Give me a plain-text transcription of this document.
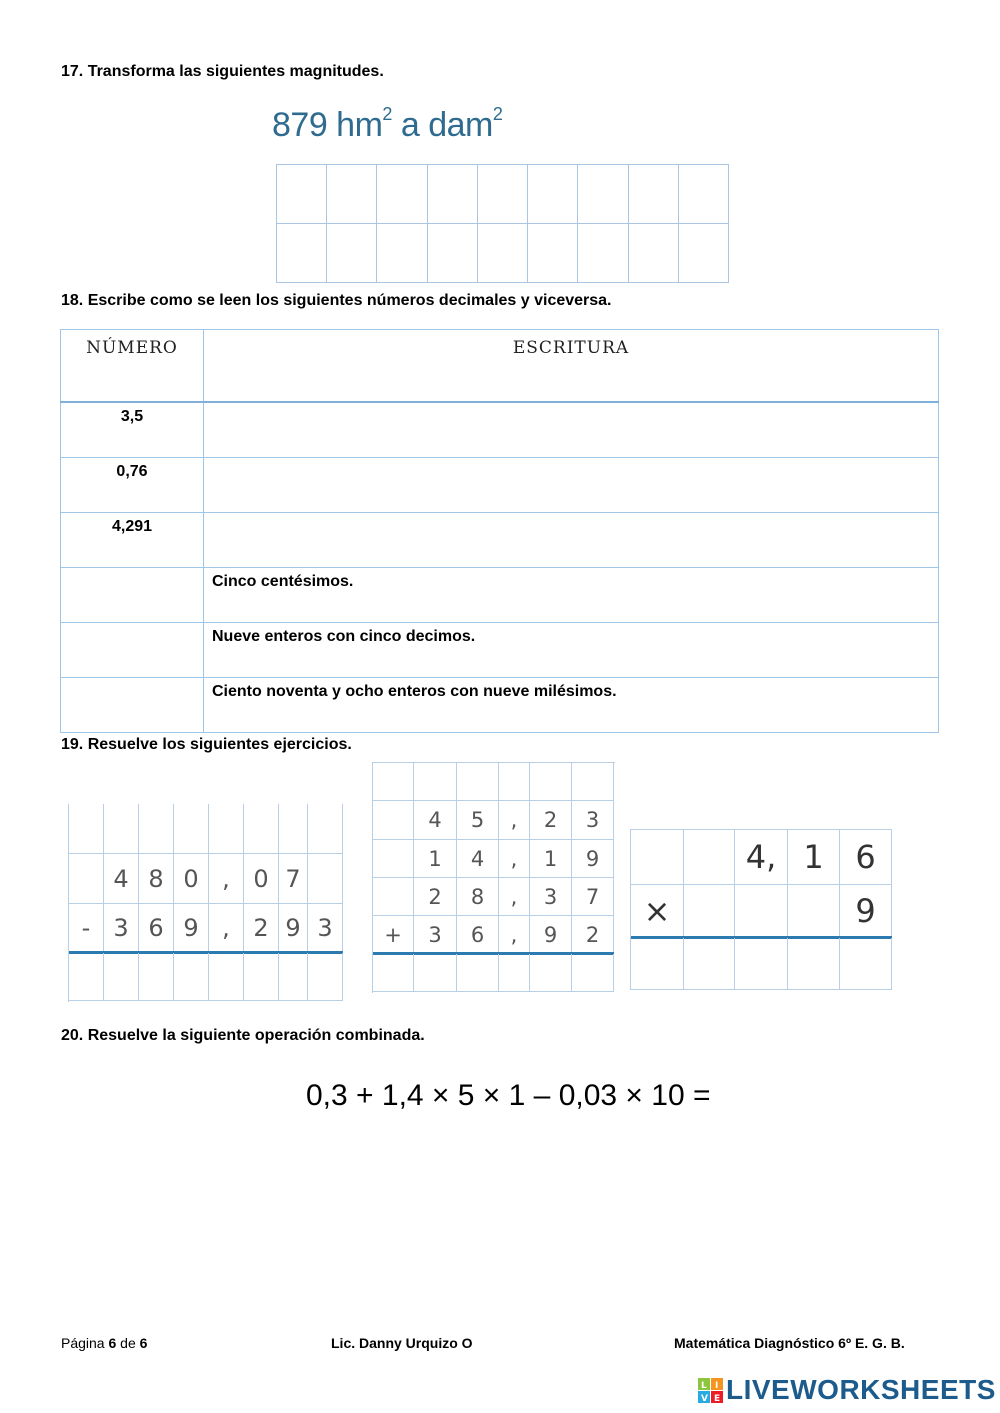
17. Transforma las siguientes magnitudes.
879 $hm^2$ a dam$^2$
18. Escribe como se leen los siguientes números decimales y viceversa.
NÚMERO	ESCRITURA
3,5	
0,76	
4,291	
	Cinco centésimos.
	Nueve enteros con cinco decimos.
	Ciento noventa y ocho enteros con nueve milésimos.
19. Resuelve los siguientes ejercicios.
4 8 0 , 0 7
- 3 6 9 , 2 9 3
4	5	,	2	3
1	4	,	1	9
2	8	,	3	7
+	3	6	,	9	2
4, 1 6
×	9
20. Resuelve la siguiente operación combinada.
0,3 + 1,4 × 5 × 1 – 0,03 × 10 =
Página 6 de 6	Lic. Danny Urquizo O	Matemática Diagnóstico 6º E. G. B.
L I
V E LIVEWORKSHEETS
